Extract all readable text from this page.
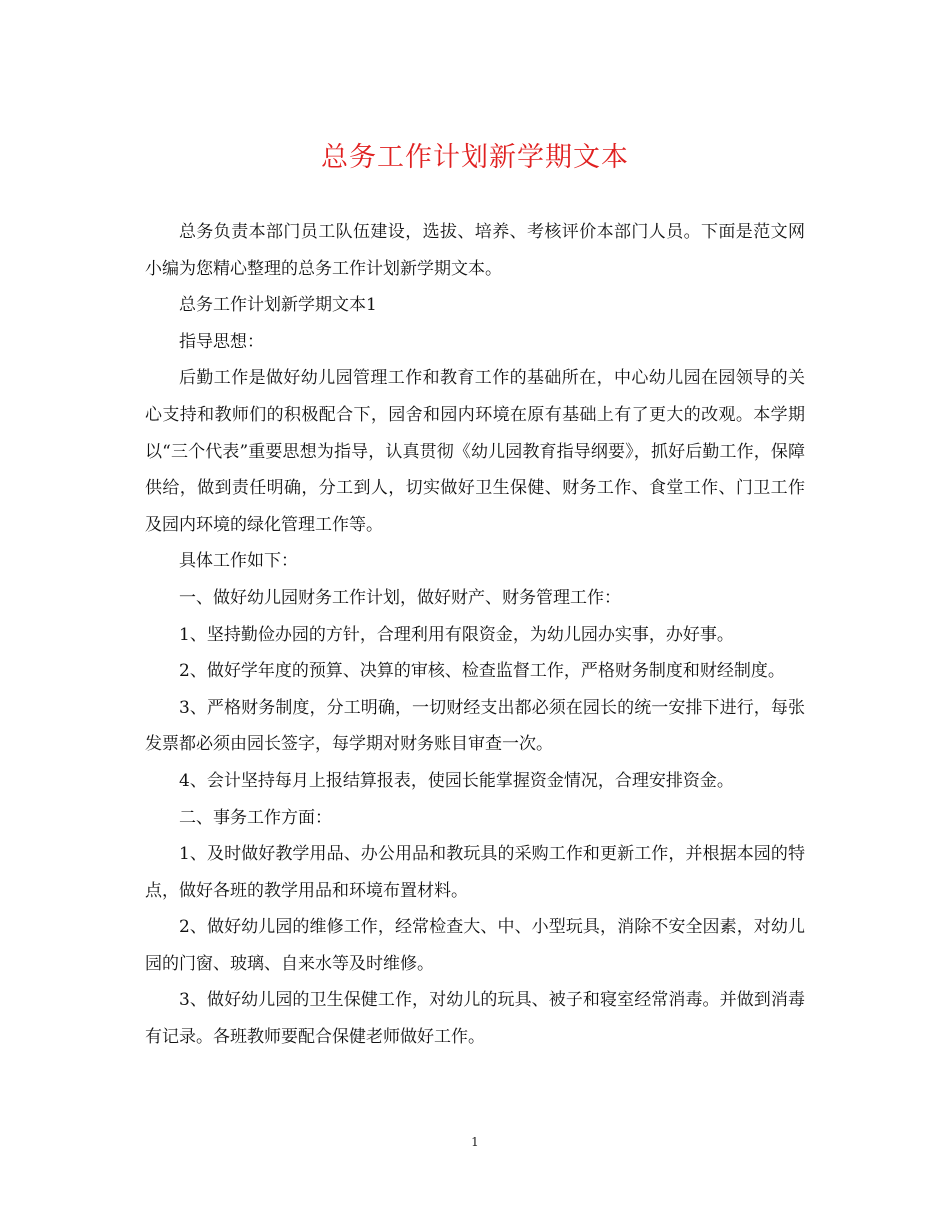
总务工作计划新学期文本

总务负责本部门员工队伍建设，选拔、培养、考核评价本部门人员。下面是范文网小编为您精心整理的总务工作计划新学期文本。

总务工作计划新学期文本1

指导思想：

后勤工作是做好幼儿园管理工作和教育工作的基础所在，中心幼儿园在园领导的关心支持和教师们的积极配合下，园舍和园内环境在原有基础上有了更大的改观。本学期以“三个代表”重要思想为指导，认真贯彻《幼儿园教育指导纲要》，抓好后勤工作，保障供给，做到责任明确，分工到人，切实做好卫生保健、财务工作、食堂工作、门卫工作及园内环境的绿化管理工作等。

具体工作如下：

一、做好幼儿园财务工作计划，做好财产、财务管理工作：

1、坚持勤俭办园的方针，合理利用有限资金，为幼儿园办实事，办好事。

2、做好学年度的预算、决算的审核、检查监督工作，严格财务制度和财经制度。

3、严格财务制度，分工明确，一切财经支出都必须在园长的统一安排下进行，每张发票都必须由园长签字，每学期对财务账目审查一次。

4、会计坚持每月上报结算报表，使园长能掌握资金情况，合理安排资金。

二、事务工作方面：

1、及时做好教学用品、办公用品和教玩具的采购工作和更新工作，并根据本园的特点，做好各班的教学用品和环境布置材料。

2、做好幼儿园的维修工作，经常检查大、中、小型玩具，消除不安全因素，对幼儿园的门窗、玻璃、自来水等及时维修。

3、做好幼儿园的卫生保健工作，对幼儿的玩具、被子和寝室经常消毒。并做到消毒有记录。各班教师要配合保健老师做好工作。

1
